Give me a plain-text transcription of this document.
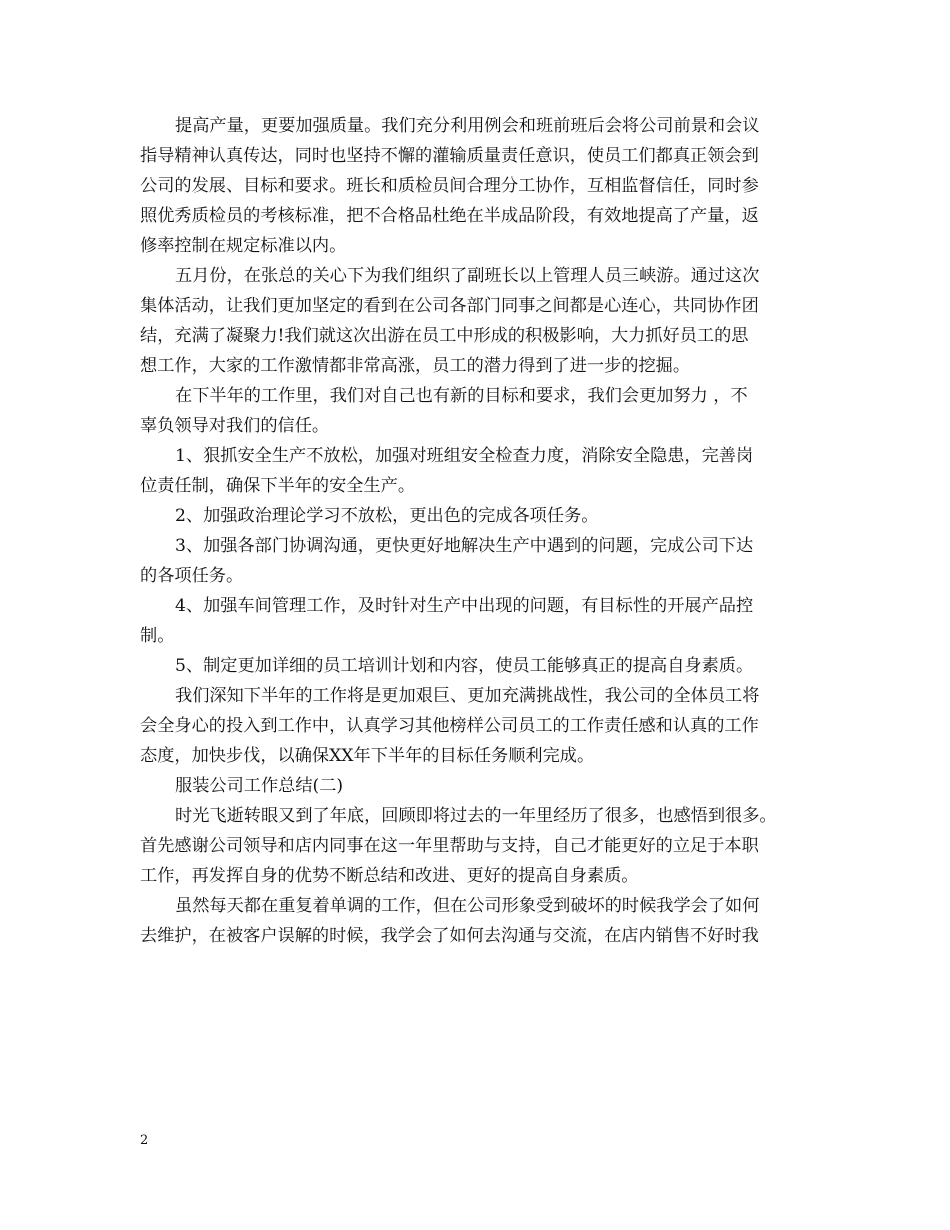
提高产量，更要加强质量。我们充分利用例会和班前班后会将公司前景和会议
指导精神认真传达，同时也坚持不懈的灌输质量责任意识，使员工们都真正领会到
公司的发展、目标和要求。班长和质检员间合理分工协作，互相监督信任，同时参
照优秀质检员的考核标准，把不合格品杜绝在半成品阶段，有效地提高了产量，返
修率控制在规定标准以内。
五月份，在张总的关心下为我们组织了副班长以上管理人员三峡游。通过这次
集体活动，让我们更加坚定的看到在公司各部门同事之间都是心连心，共同协作团
结，充满了凝聚力!我们就这次出游在员工中形成的积极影响，大力抓好员工的思
想工作，大家的工作激情都非常高涨，员工的潜力得到了进一步的挖掘。
在下半年的工作里，我们对自己也有新的目标和要求，我们会更加努力 ，不
辜负领导对我们的信任。
1、狠抓安全生产不放松，加强对班组安全检查力度，消除安全隐患，完善岗
位责任制，确保下半年的安全生产。
2、加强政治理论学习不放松，更出色的完成各项任务。
3、加强各部门协调沟通，更快更好地解决生产中遇到的问题，完成公司下达
的各项任务。
4、加强车间管理工作，及时针对生产中出现的问题，有目标性的开展产品控
制。
5、制定更加详细的员工培训计划和内容，使员工能够真正的提高自身素质。
我们深知下半年的工作将是更加艰巨、更加充满挑战性，我公司的全体员工将
会全身心的投入到工作中，认真学习其他榜样公司员工的工作责任感和认真的工作
态度，加快步伐，以确保XX年下半年的目标任务顺利完成。
服装公司工作总结(二)
时光飞逝转眼又到了年底，回顾即将过去的一年里经历了很多，也感悟到很多。
首先感谢公司领导和店内同事在这一年里帮助与支持，自己才能更好的立足于本职
工作，再发挥自身的优势不断总结和改进、更好的提高自身素质。
虽然每天都在重复着单调的工作，但在公司形象受到破坏的时候我学会了如何
去维护，在被客户误解的时候，我学会了如何去沟通与交流，在店内销售不好时我
2
